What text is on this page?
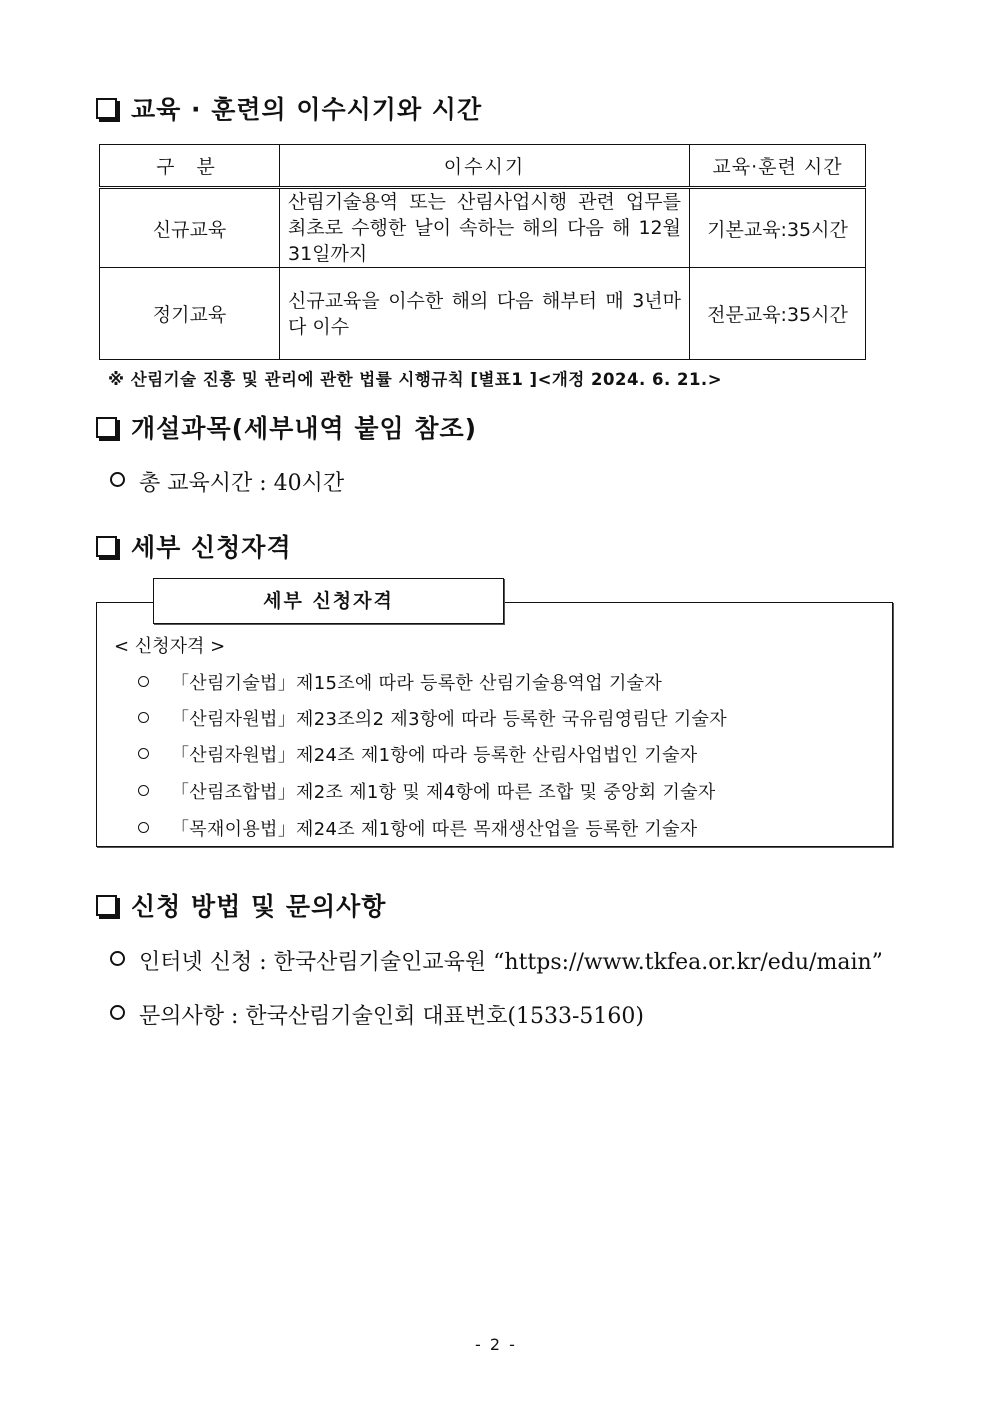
교육 · 훈련의 이수시기와 시간
구 분	이수시기	교육·훈련 시간
신규교육	산림기술용역 또는 산림사업시행 관련 업무를 최초로 수행한 날이 속하는 해의 다음 해 12월 31일까지	기본교육:35시간
정기교육	신규교육을 이수한 해의 다음 해부터 매 3년마다 이수	전문교육:35시간
※ 산림기술 진흥 및 관리에 관한 법률 시행규칙 [별표1 ]<개정 2024. 6. 21.>
개설과목(세부내역 붙임 참조)
총 교육시간 : 40시간
세부 신청자격
세부 신청자격
< 신청자격 >
「산림기술법」제15조에 따라 등록한 산림기술용역업 기술자
「산림자원법」제23조의2 제3항에 따라 등록한 국유림영림단 기술자
「산림자원법」제24조 제1항에 따라 등록한 산림사업법인 기술자
「산림조합법」제2조 제1항 및 제4항에 따른 조합 및 중앙회 기술자
「목재이용법」제24조 제1항에 따른 목재생산업을 등록한 기술자
신청 방법 및 문의사항
인터넷 신청 : 한국산림기술인교육원 “https://www.tkfea.or.kr/edu/main”
문의사항 : 한국산림기술인회 대표번호(1533-5160)
- 2 -
